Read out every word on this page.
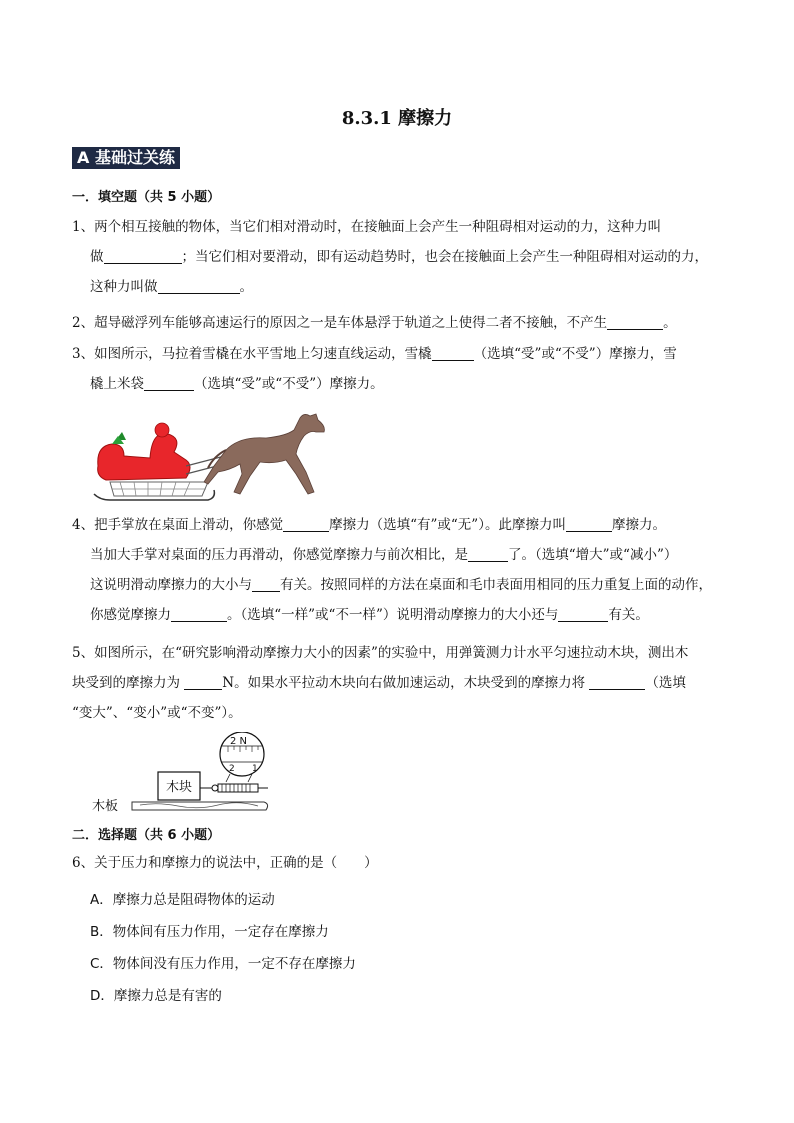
8.3.1 摩擦力
A 基础过关练
一．填空题（共 5 小题）
1、两个相互接触的物体，当它们相对滑动时，在接触面上会产生一种阻碍相对运动的力，这种力叫
做	；当它们相对要滑动，即有运动趋势时，也会在接触面上会产生一种阻碍相对运动的力，
这种力叫做	。
2、超导磁浮列车能够高速运行的原因之一是车体悬浮于轨道之上使得二者不接触，不产生	。
3、如图所示，马拉着雪橇在水平雪地上匀速直线运动，雪橇	（选填“受”或“不受”）摩擦力，雪
橇上米袋	（选填“受”或“不受”）摩擦力。
4、把手掌放在桌面上滑动，你感觉	摩擦力（选填“有”或“无”）。此摩擦力叫	摩擦力。
当加大手掌对桌面的压力再滑动，你感觉摩擦力与前次相比，是	了。（选填“增大”或“减小”）
这说明滑动摩擦力的大小与 有关。按照同样的方法在桌面和毛巾表面用相同的压力重复上面的动作，
你感觉摩擦力	。（选填“一样”或“不一样”）说明滑动摩擦力的大小还与	有关。
5、如图所示，在“研究影响滑动摩擦力大小的因素”的实验中，用弹簧测力计水平匀速拉动木块，测出木
块受到的摩擦力为	N。如果水平拉动木块向右做加速运动，木块受到的摩擦力将	（选填
“变大”、“变小”或“不变”）。
木板
木块
2 N
2 1
二．选择题（共 6 小题）
6、关于压力和摩擦力的说法中，正确的是（　　）
A．摩擦力总是阻碍物体的运动
B．物体间有压力作用，一定存在摩擦力
C．物体间没有压力作用，一定不存在摩擦力
D．摩擦力总是有害的
